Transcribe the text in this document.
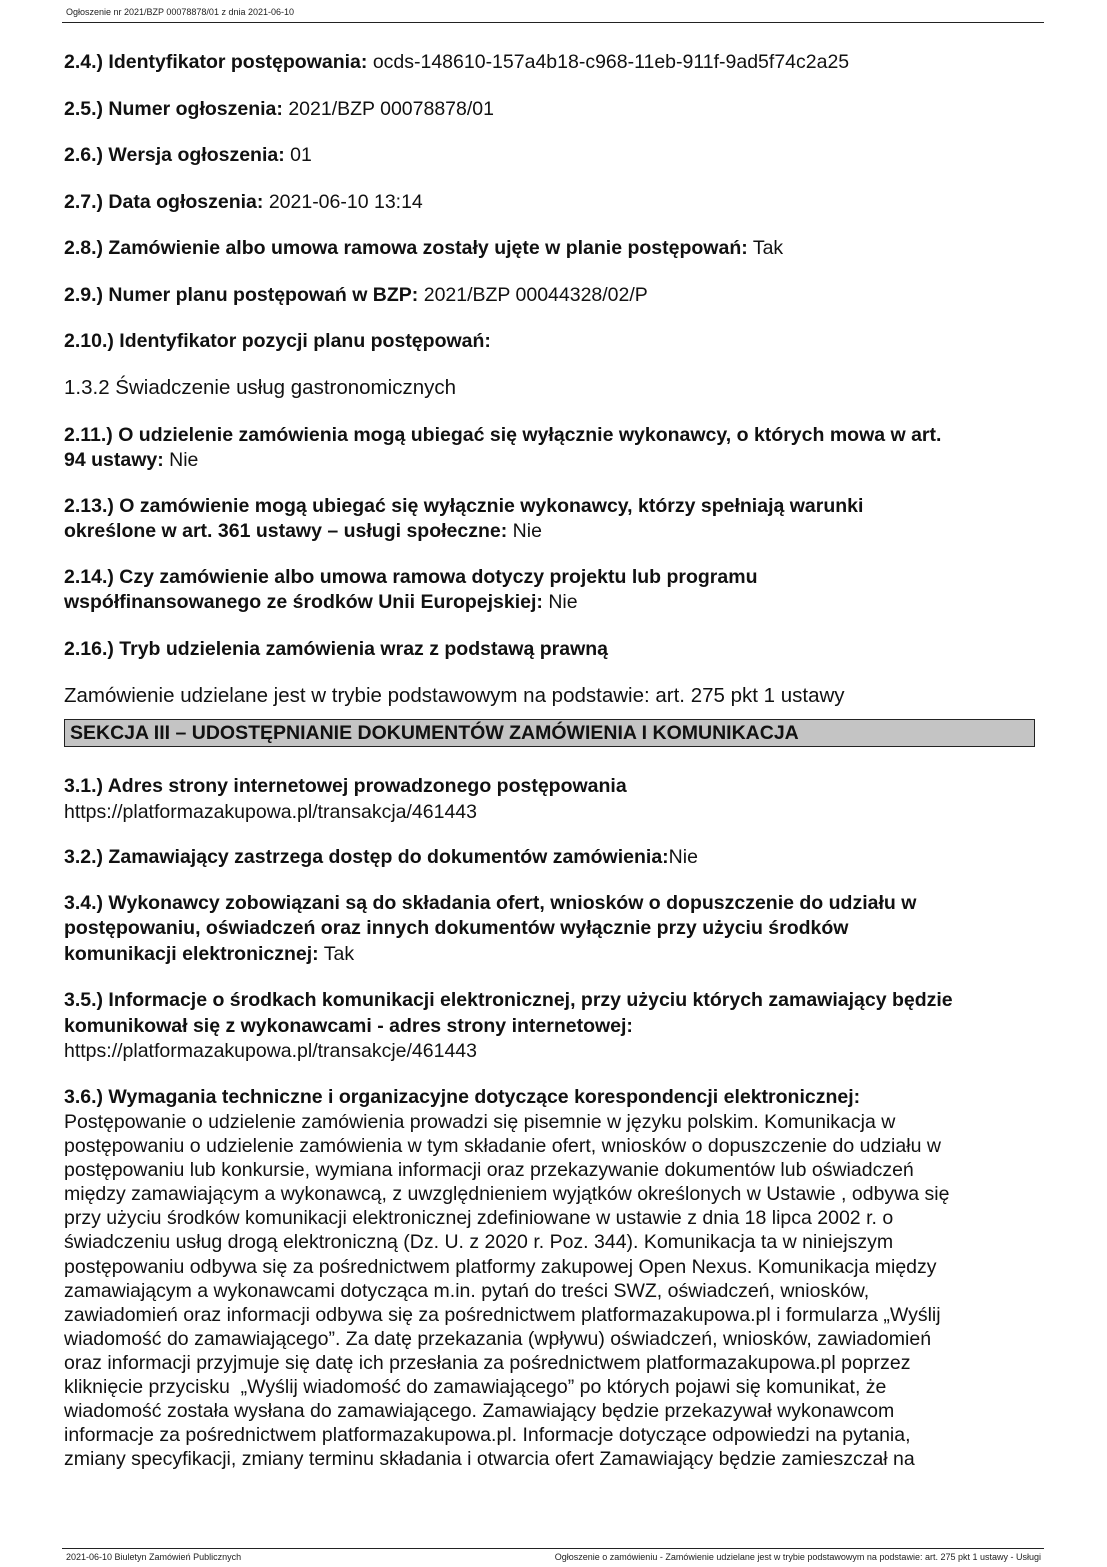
Ogłoszenie nr 2021/BZP 00078878/01 z dnia 2021-06-10
2.4.) Identyfikator postępowania: ocds-148610-157a4b18-c968-11eb-911f-9ad5f74c2a25
2.5.) Numer ogłoszenia: 2021/BZP 00078878/01
2.6.) Wersja ogłoszenia: 01
2.7.) Data ogłoszenia: 2021-06-10 13:14
2.8.) Zamówienie albo umowa ramowa zostały ujęte w planie postępowań: Tak
2.9.) Numer planu postępowań w BZP: 2021/BZP 00044328/02/P
2.10.) Identyfikator pozycji planu postępowań:
1.3.2 Świadczenie usług gastronomicznych
2.11.) O udzielenie zamówienia mogą ubiegać się wyłącznie wykonawcy, o których mowa w art.
94 ustawy: Nie
2.13.) O zamówienie mogą ubiegać się wyłącznie wykonawcy, którzy spełniają warunki
określone w art. 361 ustawy – usługi społeczne: Nie
2.14.) Czy zamówienie albo umowa ramowa dotyczy projektu lub programu
współfinansowanego ze środków Unii Europejskiej: Nie
2.16.) Tryb udzielenia zamówienia wraz z podstawą prawną
Zamówienie udzielane jest w trybie podstawowym na podstawie: art. 275 pkt 1 ustawy
SEKCJA III – UDOSTĘPNIANIE DOKUMENTÓW ZAMÓWIENIA I KOMUNIKACJA
3.1.) Adres strony internetowej prowadzonego postępowania
https://platformazakupowa.pl/transakcja/461443
3.2.) Zamawiający zastrzega dostęp do dokumentów zamówienia:Nie
3.4.) Wykonawcy zobowiązani są do składania ofert, wniosków o dopuszczenie do udziału w
postępowaniu, oświadczeń oraz innych dokumentów wyłącznie przy użyciu środków
komunikacji elektronicznej: Tak
3.5.) Informacje o środkach komunikacji elektronicznej, przy użyciu których zamawiający będzie
komunikował się z wykonawcami - adres strony internetowej:
https://platformazakupowa.pl/transakcje/461443
3.6.) Wymagania techniczne i organizacyjne dotyczące korespondencji elektronicznej:
Postępowanie o udzielenie zamówienia prowadzi się pisemnie w języku polskim. Komunikacja w
postępowaniu o udzielenie zamówienia w tym składanie ofert, wniosków o dopuszczenie do udziału w
postępowaniu lub konkursie, wymiana informacji oraz przekazywanie dokumentów lub oświadczeń
między zamawiającym a wykonawcą, z uwzględnieniem wyjątków określonych w Ustawie , odbywa się
przy użyciu środków komunikacji elektronicznej zdefiniowane w ustawie z dnia 18 lipca 2002 r. o
świadczeniu usług drogą elektroniczną (Dz. U. z 2020 r. Poz. 344). Komunikacja ta w niniejszym
postępowaniu odbywa się za pośrednictwem platformy zakupowej Open Nexus. Komunikacja między
zamawiającym a wykonawcami dotycząca m.in. pytań do treści SWZ, oświadczeń, wniosków,
zawiadomień oraz informacji odbywa się za pośrednictwem platformazakupowa.pl i formularza „Wyślij
wiadomość do zamawiającego”. Za datę przekazania (wpływu) oświadczeń, wniosków, zawiadomień
oraz informacji przyjmuje się datę ich przesłania za pośrednictwem platformazakupowa.pl poprzez
kliknięcie przycisku  „Wyślij wiadomość do zamawiającego” po których pojawi się komunikat, że
wiadomość została wysłana do zamawiającego. Zamawiający będzie przekazywał wykonawcom
informacje za pośrednictwem platformazakupowa.pl. Informacje dotyczące odpowiedzi na pytania,
zmiany specyfikacji, zmiany terminu składania i otwarcia ofert Zamawiający będzie zamieszczał na
2021-06-10 Biuletyn Zamówień Publicznych	Ogłoszenie o zamówieniu - Zamówienie udzielane jest w trybie podstawowym na podstawie: art. 275 pkt 1 ustawy - Usługi
